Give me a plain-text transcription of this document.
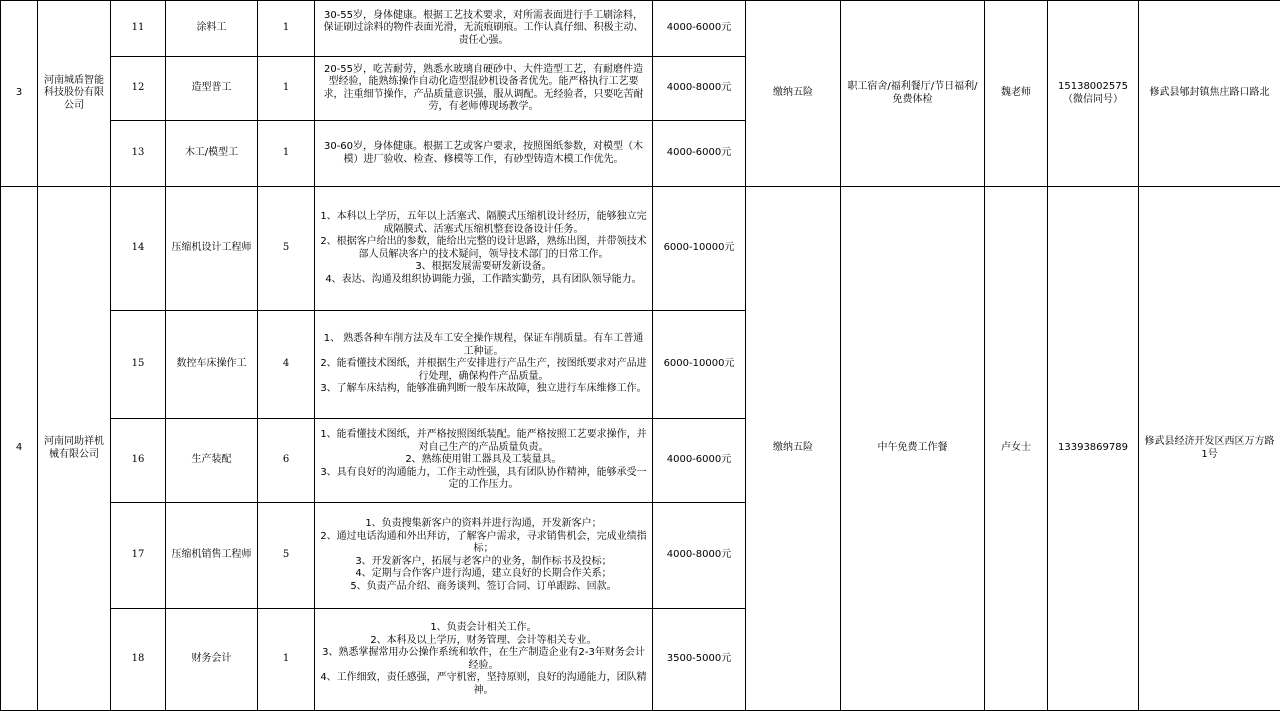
3	河南城盾智能科技股份有限公司	11	涂料工	1	30-55岁，身体健康。根据工艺技术要求，对所需表面进行手工刷涂料，保证刷过涂料的物件表面光滑，无流痕刷痕。工作认真仔细、积极主动、责任心强。	4000-6000元	缴纳五险	职工宿舍/福利餐厅/节日福利/免费体检	魏老师	15138002575（微信同号）	修武县郇封镇焦庄路口路北
		12	造型普工	1	20-55岁，吃苦耐劳，熟悉水玻璃自硬砂中、大件造型工艺，有耐磨件造型经验，能熟练操作自动化造型混砂机设备者优先。能严格执行工艺要求，注重细节操作，产品质量意识强，服从调配。无经验者，只要吃苦耐劳，有老师傅现场教学。	4000-8000元					
		13	木工/模型工	1	30-60岁，身体健康。根据工艺或客户要求，按照图纸参数，对模型（木模）进厂验收、检查、修模等工作，有砂型铸造木模工作优先。	4000-6000元					
4	河南同助祥机械有限公司	14	压缩机设计工程师	5	1、本科以上学历，五年以上活塞式、隔膜式压缩机设计经历，能够独立完成隔膜式、活塞式压缩机整套设备设计任务。
2、根据客户给出的参数，能给出完整的设计思路，熟练出图，并带领技术部人员解决客户的技术疑问，领导技术部门的日常工作。
3、根据发展需要研发新设备。
4、表达、沟通及组织协调能力强，工作踏实勤劳，具有团队领导能力。	6000-10000元	缴纳五险	中午免费工作餐	卢女士	13393869789	修武县经济开发区西区万方路1号
		15	数控车床操作工	4	1、 熟悉各种车削方法及车工安全操作规程，保证车削质量。有车工普通工种证。
2、能看懂技术图纸，并根据生产安排进行产品生产，按图纸要求对产品进行处理，确保构件产品质量。
3、了解车床结构，能够准确判断一般车床故障，独立进行车床维修工作。	6000-10000元					
		16	生产装配	6	1、能看懂技术图纸，并严格按照图纸装配。能严格按照工艺要求操作，并对自己生产的产品质量负责。
2、熟练使用钳工器具及工装量具。
3、具有良好的沟通能力，工作主动性强，具有团队协作精神，能够承受一定的工作压力。	4000-6000元					
		17	压缩机销售工程师	5	1、负责搜集新客户的资料并进行沟通，开发新客户；
2、通过电话沟通和外出拜访，了解客户需求，寻求销售机会，完成业绩指标；
3、开发新客户，拓展与老客户的业务，制作标书及投标；
4、定期与合作客户进行沟通，建立良好的长期合作关系；
5、负责产品介绍、商务谈判、签订合同、订单跟踪、回款。	4000-8000元					
		18	财务会计	1	1、负责会计相关工作。
2、本科及以上学历，财务管理、会计等相关专业。
3、熟悉掌握常用办公操作系统和软件，在生产制造企业有2-3年财务会计经验。
4、工作细致，责任感强，严守机密，坚持原则，良好的沟通能力，团队精神。	3500-5000元					
